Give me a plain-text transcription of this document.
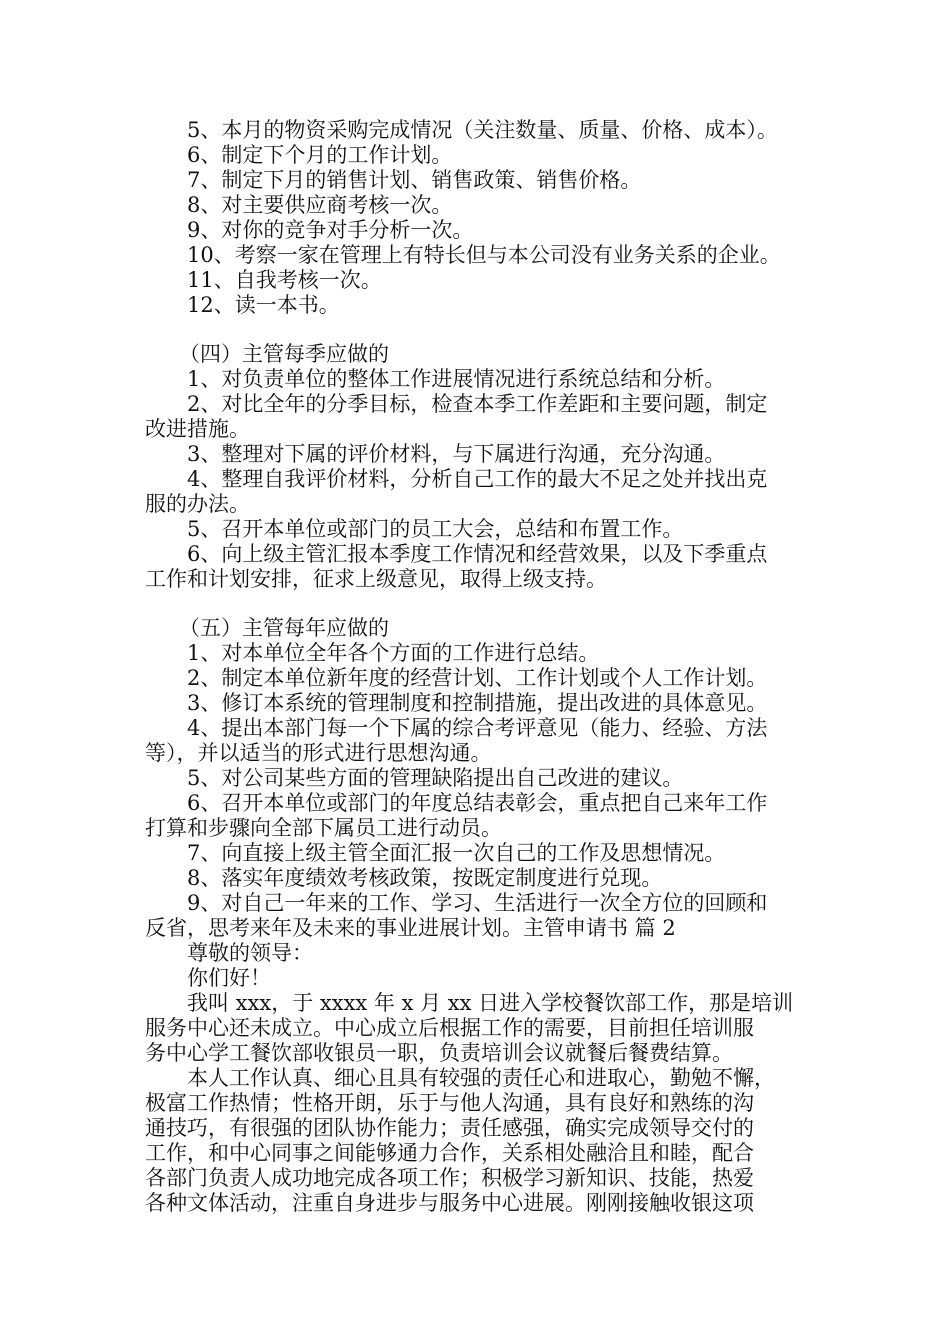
5、本月的物资采购完成情况（关注数量、质量、价格、成本）。
6、制定下个月的工作计划。
7、制定下月的销售计划、销售政策、销售价格。
8、对主要供应商考核一次。
9、对你的竞争对手分析一次。
10、考察一家在管理上有特长但与本公司没有业务关系的企业。
11、自我考核一次。
12、读一本书。
（四）主管每季应做的
1、对负责单位的整体工作进展情况进行系统总结和分析。
2、对比全年的分季目标，检查本季工作差距和主要问题，制定
改进措施。
3、整理对下属的评价材料，与下属进行沟通，充分沟通。
4、整理自我评价材料，分析自己工作的最大不足之处并找出克
服的办法。
5、召开本单位或部门的员工大会，总结和布置工作。
6、向上级主管汇报本季度工作情况和经营效果，以及下季重点
工作和计划安排，征求上级意见，取得上级支持。
（五）主管每年应做的
1、对本单位全年各个方面的工作进行总结。
2、制定本单位新年度的经营计划、工作计划或个人工作计划。
3、修订本系统的管理制度和控制措施，提出改进的具体意见。
4、提出本部门每一个下属的综合考评意见（能力、经验、方法
等），并以适当的形式进行思想沟通。
5、对公司某些方面的管理缺陷提出自己改进的建议。
6、召开本单位或部门的年度总结表彰会，重点把自己来年工作
打算和步骤向全部下属员工进行动员。
7、向直接上级主管全面汇报一次自己的工作及思想情况。
8、落实年度绩效考核政策，按既定制度进行兑现。
9、对自己一年来的工作、学习、生活进行一次全方位的回顾和
反省，思考来年及未来的事业进展计划。主管申请书 篇 2
尊敬的领导：
你们好！
我叫 xxx，于 xxxx 年 x 月 xx 日进入学校餐饮部工作，那是培训
服务中心还未成立。中心成立后根据工作的需要，目前担任培训服
务中心学工餐饮部收银员一职，负责培训会议就餐后餐费结算。
本人工作认真、细心且具有较强的责任心和进取心，勤勉不懈，
极富工作热情；性格开朗，乐于与他人沟通，具有良好和熟练的沟
通技巧，有很强的团队协作能力；责任感强，确实完成领导交付的
工作，和中心同事之间能够通力合作，关系相处融洽且和睦，配合
各部门负责人成功地完成各项工作；积极学习新知识、技能，热爱
各种文体活动，注重自身进步与服务中心进展。刚刚接触收银这项
